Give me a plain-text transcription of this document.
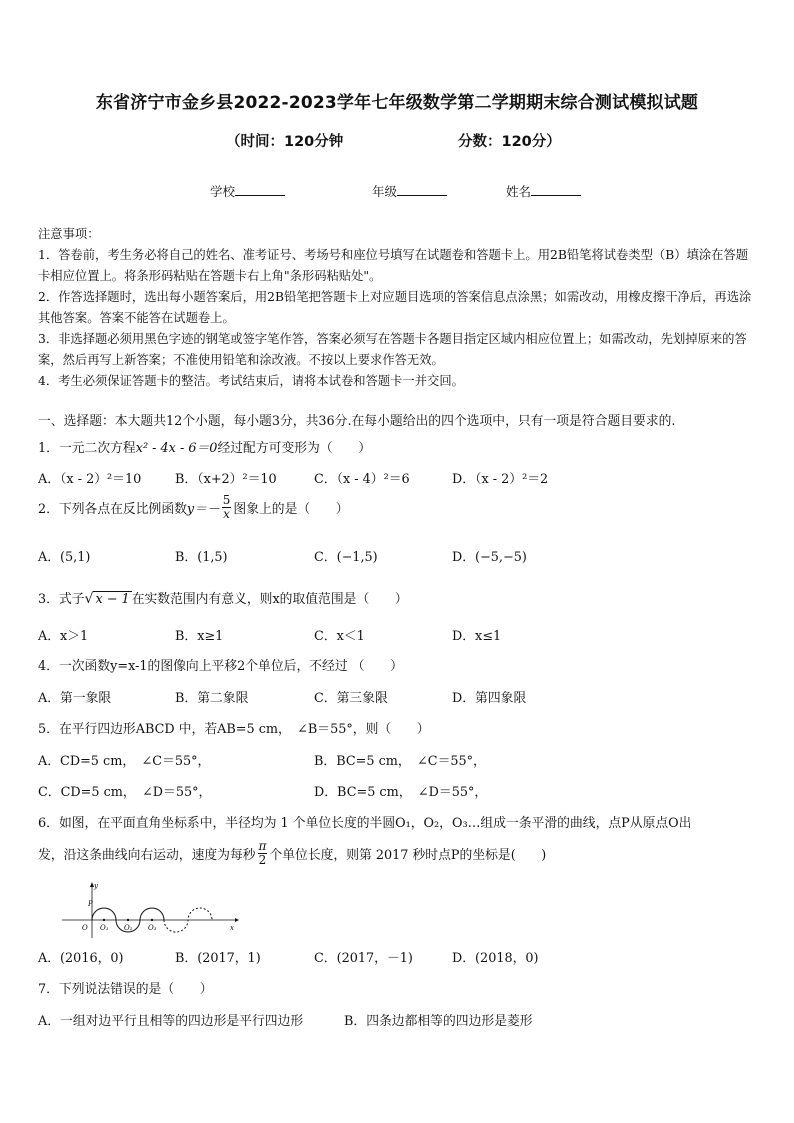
东省济宁市金乡县2022-2023学年七年级数学第二学期期末综合测试模拟试题
（时间：120分钟	分数：120分）
学校	年级	姓名

注意事项：

1．答卷前，考生务必将自己的姓名、准考证号、考场号和座位号填写在试题卷和答题卡上。用2B铅笔将试卷类型（B）填涂在答题卡相应位置上。将条形码粘贴在答题卡右上角"条形码粘贴处"。

2．作答选择题时，选出每小题答案后，用2B铅笔把答题卡上对应题目选项的答案信息点涂黑；如需改动，用橡皮擦干净后，再选涂其他答案。答案不能答在试题卷上。

3．非选择题必须用黑色字迹的钢笔或签字笔作答，答案必须写在答题卡各题目指定区域内相应位置上；如需改动，先划掉原来的答案，然后再写上新答案；不准使用铅笔和涂改液。不按以上要求作答无效。

4．考生必须保证答题卡的整洁。考试结束后，请将本试卷和答题卡一并交回。

一、选择题：本大题共12个小题，每小题3分，共36分.在每小题给出的四个选项中，只有一项是符合题目要求的.
1．一元二次方程x² - 4x - 6＝0经过配方可变形为（　　）
A．（x - 2）²＝10	B．（x+2）²＝10	C．（x - 4）²＝6	D．（x - 2）²＝2
2．下列各点在反比例函数$y=- \frac{5}{x}$ 图象上的是（　　）
A．(5,1)	B．(1,5)	C．(−1,5)	D．(−5,−5)
3．式子√ x − 1 在实数范围内有意义，则x的取值范围是（　　）
A．x＞1	B．x≥1	C．x＜1	D．x≤1
4．一次函数y=x-1的图像向上平移2个单位后，不经过 （　　）
A．第一象限	B．第二象限	C．第三象限	D．第四象限
5．在平行四边形ABCD 中，若AB=5 cm，　∠B＝55°，则（　　）
A．CD=5 cm，　∠C＝55°，	B．BC=5 cm，　∠C＝55°，
C．CD=5 cm，　∠D＝55°，	D．BC=5 cm，　∠D＝55°，
6．如图，在平面直角坐标系中，半径均为 1 个单位长度的半圆O₁，O₂，O₃…组成一条平滑的曲线，点P从原点O出
发，沿这条曲线向右运动，速度为每秒 $\frac{\pi}{2}$ 个单位长度，则第 2017 秒时点P的坐标是(　　)
y
P
O O₁ O₂ O₃	x
A．(2016，0)	B．(2017，1)	C．(2017，－1)	D．(2018，0)
7．下列说法错误的是（　　）
A．一组对边平行且相等的四边形是平行四边形	B．四条边都相等的四边形是菱形
